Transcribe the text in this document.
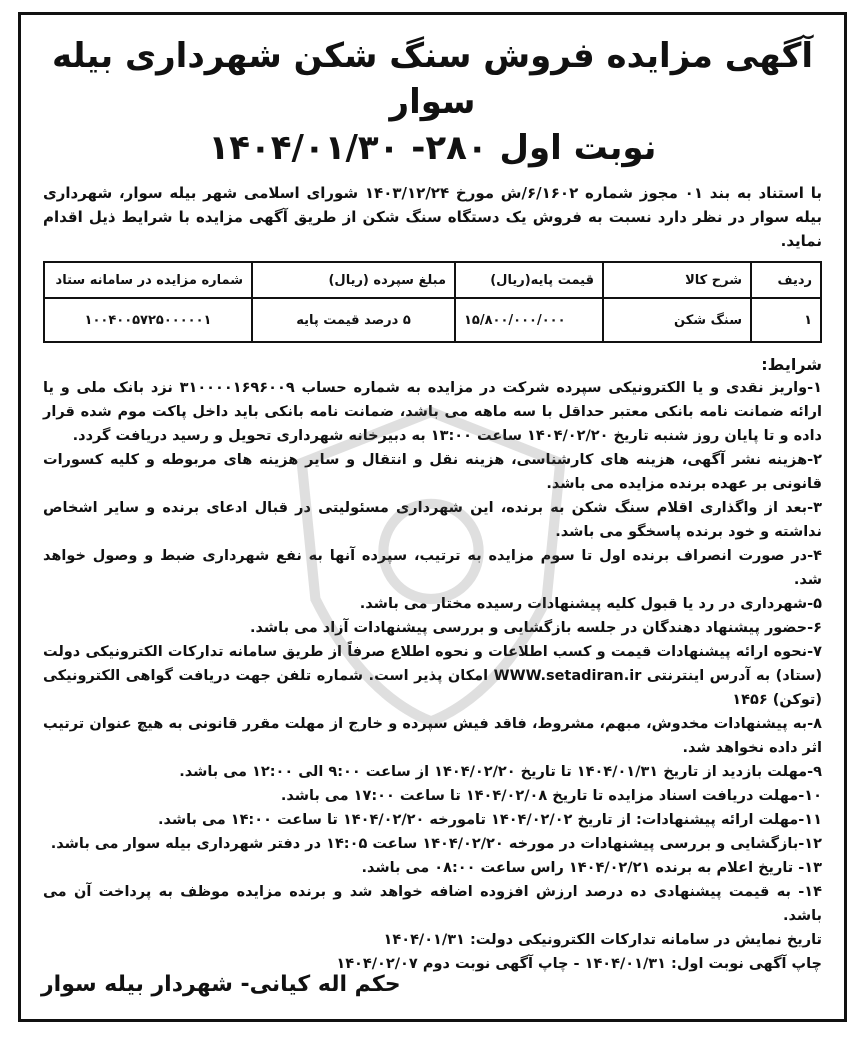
آگهی مزایده فروش سنگ شکن شهرداری بیله سوار
نوبت اول ۲۸۰- ۱۴۰۴/۰۱/۳۰

با استناد به بند ۰۱ مجوز شماره ۶/۱۶۰۲/ش مورخ ۱۴۰۳/۱۲/۲۴ شورای اسلامی شهر بیله سوار، شهرداری بیله سوار در نظر دارد نسبت به فروش یک دستگاه سنگ شکن از طریق آگهی مزایده با شرایط ذیل اقدام نماید.

ردیف	شرح کالا	قیمت پایه(ریال)	مبلغ سپرده (ریال)	شماره مزایده در سامانه ستاد
۱	سنگ شکن	۱۵/۸۰۰/۰۰۰/۰۰۰	۵ درصد قیمت پایه	۱۰۰۴۰۰۵۷۲۵۰۰۰۰۰۱
شرایط:
۱-واریز نقدی و یا الکترونیکی سپرده شرکت در مزایده به شماره حساب ۳۱۰۰۰۰۱۶۹۶۰۰۹ نزد بانک ملی و یا ارائه ضمانت نامه بانکی معتبر حداقل با سه ماهه می باشد، ضمانت نامه بانکی باید داخل پاکت موم شده قرار داده و تا پایان روز شنبه تاریخ ۱۴۰۴/۰۲/۲۰ ساعت ۱۳:۰۰ به دبیرخانه شهرداری تحویل و رسید دریافت گردد.
۲-هزینه نشر آگهی، هزینه های کارشناسی، هزینه نقل و انتقال و سایر هزینه های مربوطه و کلیه کسورات قانونی بر عهده برنده مزایده می باشد.
۳-بعد از واگذاری اقلام سنگ شکن به برنده، این شهرداری مسئولیتی در قبال ادعای برنده و سایر اشخاص نداشته و خود برنده پاسخگو می باشد.
۴-در صورت انصراف برنده اول تا سوم مزایده به ترتیب، سپرده آنها به نفع شهرداری ضبط و وصول خواهد شد.
۵-شهرداری در رد یا قبول کلیه پیشنهادات رسیده مختار می باشد.
۶-حضور پیشنهاد دهندگان در جلسه بازگشایی و بررسی پیشنهادات آزاد می باشد.
۷-نحوه ارائه پیشنهادات قیمت و کسب اطلاعات و نحوه اطلاع صرفاً از طریق سامانه تدارکات الکترونیکی دولت (ستاد) به آدرس اینترنتی WWW.setadiran.ir امکان پذیر است. شماره تلفن جهت دریافت گواهی الکترونیکی (توکن) ۱۴۵۶
۸-به پیشنهادات مخدوش، مبهم، مشروط، فاقد فیش سپرده و خارج از مهلت مقرر قانونی به هیچ عنوان ترتیب اثر داده نخواهد شد.
۹-مهلت بازدید از تاریخ ۱۴۰۴/۰۱/۳۱ تا تاریخ ۱۴۰۴/۰۲/۲۰ از ساعت ۹:۰۰ الی ۱۲:۰۰ می باشد.
۱۰-مهلت دریافت اسناد مزایده تا تاریخ ۱۴۰۴/۰۲/۰۸ تا ساعت ۱۷:۰۰ می باشد.
۱۱-مهلت ارائه پیشنهادات: از تاریخ ۱۴۰۴/۰۲/۰۲ تامورخه ۱۴۰۴/۰۲/۲۰ تا ساعت ۱۴:۰۰ می باشد.
۱۲-بازگشایی و بررسی پیشنهادات در مورخه ۱۴۰۴/۰۲/۲۰ ساعت ۱۴:۰۵ در دفتر شهرداری بیله سوار می باشد.
۱۳- تاریخ اعلام به برنده ۱۴۰۴/۰۲/۲۱ راس ساعت ۰۸:۰۰ می باشد.
۱۴- به قیمت پیشنهادی ده درصد ارزش افزوده اضافه خواهد شد و برنده مزایده موظف به پرداخت آن می باشد.

تاریخ نمایش در سامانه تدارکات الکترونیکی دولت: ۱۴۰۴/۰۱/۳۱

چاپ آگهی نوبت اول: ۱۴۰۴/۰۱/۳۱ - چاپ آگهی نوبت دوم ۱۴۰۴/۰۲/۰۷

حکم اله کیانی- شهردار بیله سوار
